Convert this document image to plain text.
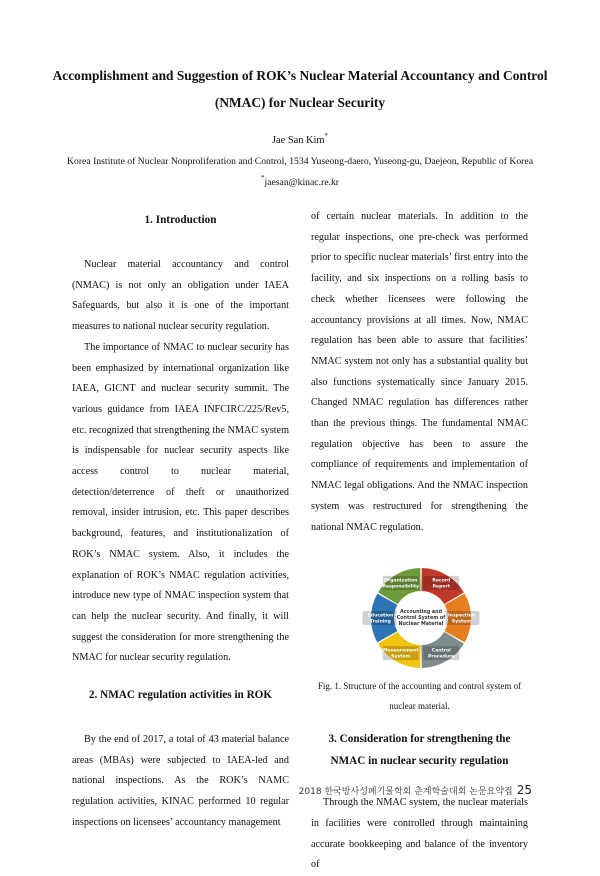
Accomplishment and Suggestion of ROK’s Nuclear Material Accountancy and Control
(NMAC) for Nuclear Security
Jae San Kim*
Korea Institute of Nuclear Nonproliferation and Control, 1534 Yuseong-daero, Yuseong-gu, Daejeon, Republic of Korea
*jaesan@kinac.re.kr
1. Introduction

Nuclear material accountancy and control (NMAC) is not only an obligation under IAEA Safeguards, but also it is one of the important measures to national nuclear security regulation.

The importance of NMAC to nuclear security has been emphasized by international organization like IAEA, GICNT and nuclear security summit. The various guidance from IAEA INFCIRC/225/Rev5, etc. recognized that strengthening the NMAC system is indispensable for nuclear security aspects like access control to nuclear material, detection/deterrence of theft or unauthorized removal, insider intrusion, etc. This paper describes background, features, and institutionalization of ROK’s NMAC system. Also, it includes the explanation of ROK’s NMAC regulation activities, introduce new type of NMAC inspection system that can help the nuclear security. And finally, it will suggest the consideration for more strengthening the NMAC for nuclear security regulation.

2. NMAC regulation activities in ROK

By the end of 2017, a total of 43 material balance areas (MBAs) were subjected to IAEA-led and national inspections. As the ROK’s NAMC regulation activities, KINAC performed 10 regular inspections on licensees’ accountancy management

of certain nuclear materials. In addition to the regular inspections, one pre-check was performed prior to specific nuclear materials’ first entry into the facility, and six inspections on a rolling basis to check whether licensees were following the accountancy provisions at all times. Now, NMAC regulation has been able to assure that facilities’ NMAC system not only has a substantial quality but also functions systematically since January 2015. Changed NMAC regulation has differences rather than the previous things. The fundamental NMAC regulation objective has been to assure the compliance of requirements and implementation of NMAC legal obligations. And the NMAC inspection system was restructured for strengthening the national NMAC regulation.

Organization
Responsibility
Record
Report
Inspection
System
Control
Procedure
Measurement
System
Education
Training
Accounting and
Control System of
Nuclear Material
Fig. 1. Structure of the accounting and control system of
nuclear material.
3. Consideration for strengthening the
NMAC in nuclear security regulation

Through the NMAC system, the nuclear materials in facilities were controlled through maintaining accurate bookkeeping and balance of the inventory of

2018 한국방사성폐기물학회 춘계학술대회 논문요약집 25
